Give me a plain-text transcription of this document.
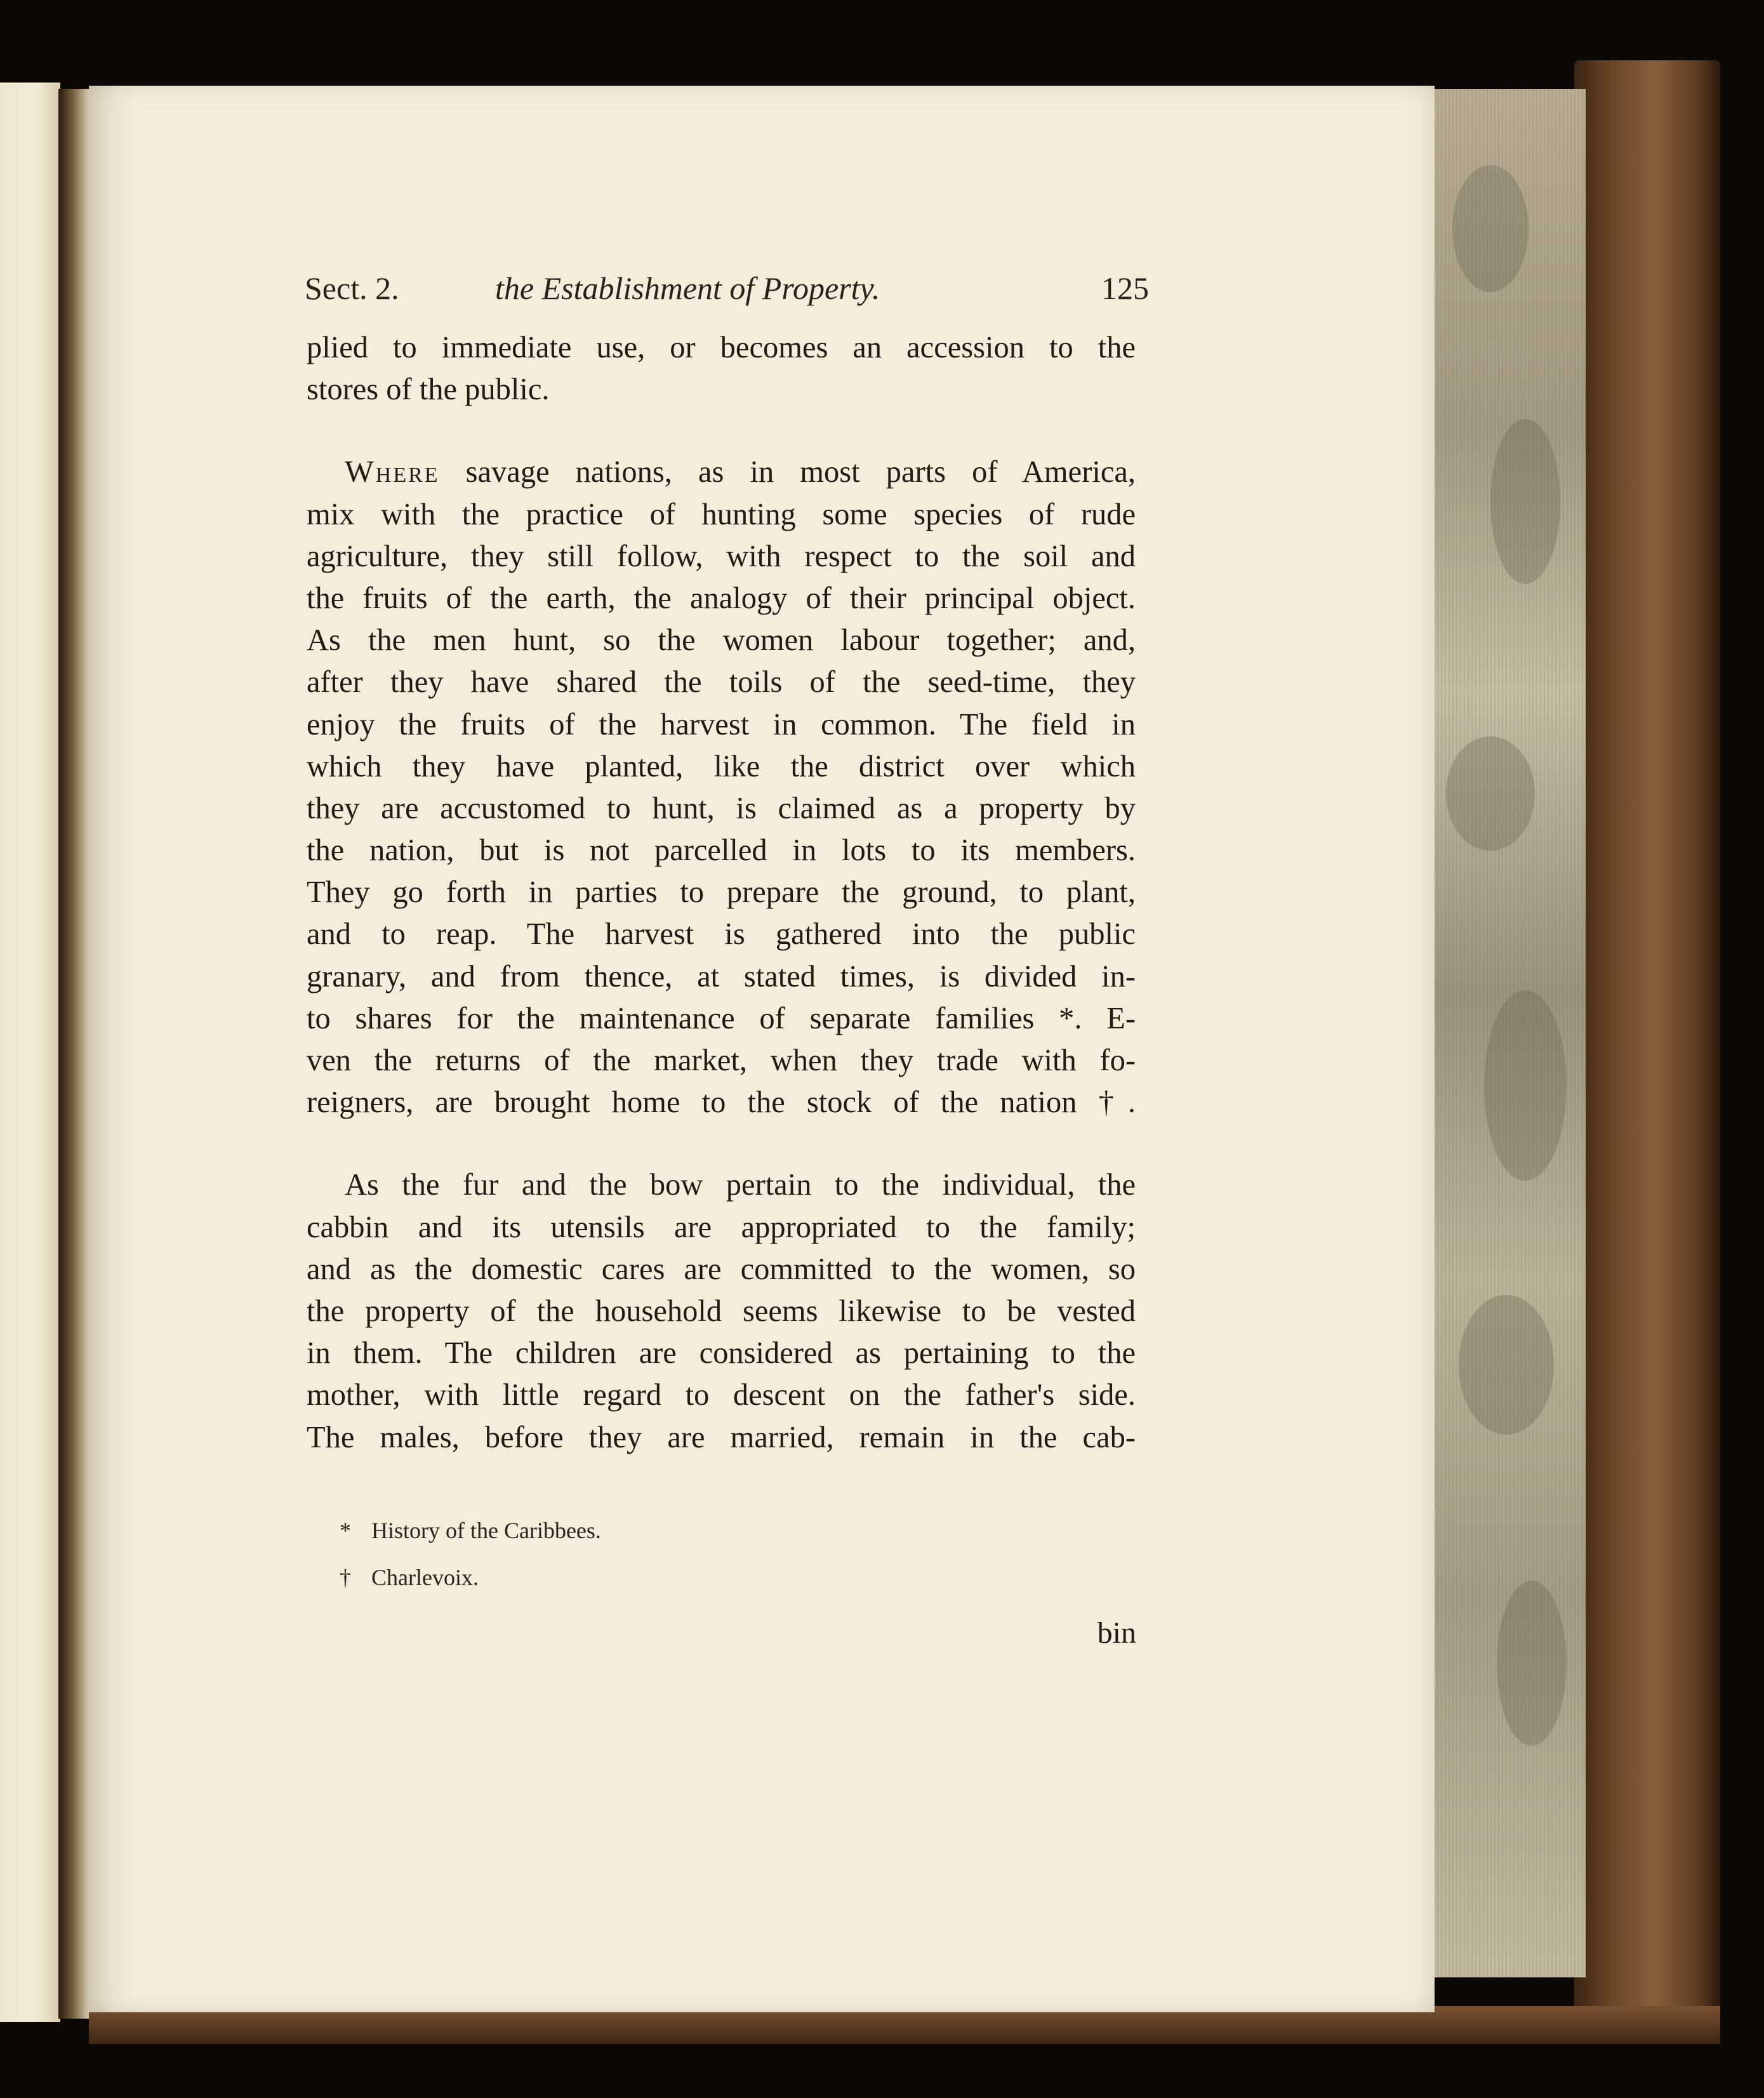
Sect. 2.	the Establishment of Property.	125
plied to immediate use, or becomes an accession to the
stores of the public.
Where savage nations, as in most parts of America,
mix with the practice of hunting some species of rude
agriculture, they still follow, with respect to the soil and
the fruits of the earth, the analogy of their principal object.
As the men hunt, so the women labour together; and,
after they have shared the toils of the seed-time, they
enjoy the fruits of the harvest in common. The field in
which they have planted, like the district over which
they are accustomed to hunt, is claimed as a property by
the nation, but is not parcelled in lots to its members.
They go forth in parties to prepare the ground, to plant,
and to reap. The harvest is gathered into the public
granary, and from thence, at stated times, is divided in-
to shares for the maintenance of separate families *. E-
ven the returns of the market, when they trade with fo-
reigners, are brought home to the stock of the nation †.
As the fur and the bow pertain to the individual, the
cabbin and its utensils are appropriated to the family;
and as the domestic cares are committed to the women, so
the property of the household seems likewise to be vested
in them. The children are considered as pertaining to the
mother, with little regard to descent on the father's side.
The males, before they are married, remain in the cab-
* History of the Caribbees.
† Charlevoix.
bin
